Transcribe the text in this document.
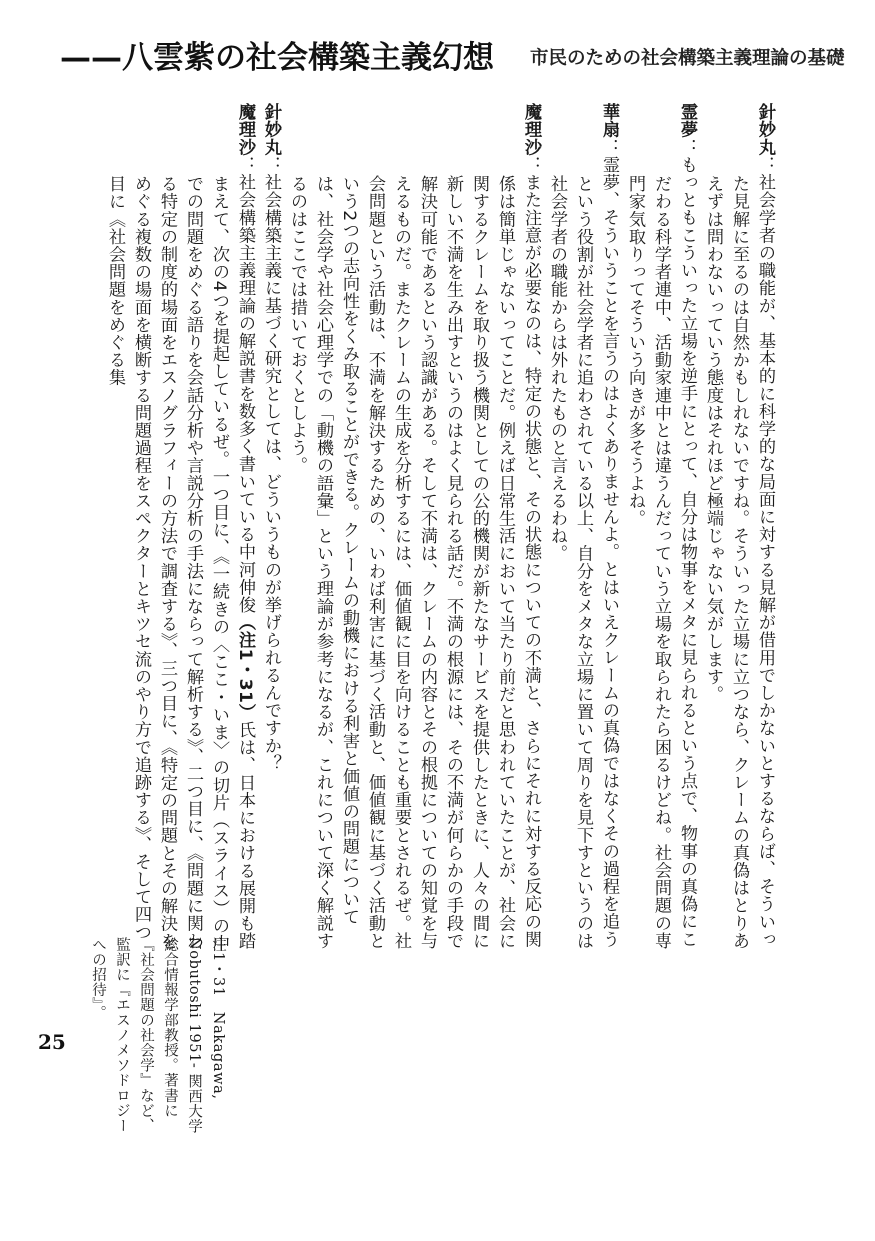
——八雲紫の社会構築主義幻想 市民のための社会構築主義理論の基礎

針妙丸：社会学者の職能が、基本的に科学的な局面に対する見解が借用でしかないとするならば、そういった見解に至るのは自然かもしれないですね。そういった立場に立つなら、クレームの真偽はとりあえずは問わないっていう態度はそれほど極端じゃない気がします。

霊夢：もっともこういった立場を逆手にとって、自分は物事をメタに見られるという点で、物事の真偽にこだわる科学者連中、活動家連中とは違うんだっていう立場を取られたら困るけどね。社会問題の専門家気取りってそういう向きが多そうよね。

華扇：霊夢、そういうことを言うのはよくありませんよ。とはいえクレームの真偽ではなくその過程を追うという役割が社会学者に追わされている以上、自分をメタな立場に置いて周りを見下すというのは社会学者の職能からは外れたものと言えるわね。

魔理沙：また注意が必要なのは、特定の状態と、その状態についての不満と、さらにそれに対する反応の関係は簡単じゃないってことだ。例えば日常生活において当たり前だと思われていたことが、社会に関するクレームを取り扱う機関としての公的機関が新たなサービスを提供したときに、人々の間に新しい不満を生み出すというのはよく見られる話だ。不満の根源には、その不満が何らかの手段で解決可能であるという認識がある。そして不満は、クレームの内容とその根拠についての知覚を与えるものだ。またクレームの生成を分析するには、価値観に目を向けることも重要とされるぜ。社会問題という活動は、不満を解決するための、いわば利害に基づく活動と、価値観に基づく活動という2つの志向性をくみ取ることができる。クレームの動機における利害と価値の問題については、社会学や社会心理学での「動機の語彙」という理論が参考になるが、これについて深く解説するのはここでは措いておくとしよう。

針妙丸：社会構築主義に基づく研究としては、どういうものが挙げられるんですか？

魔理沙：社会構築主義理論の解説書を数多く書いている中河伸俊（注1・31）氏は、日本における展開も踏まえて、次の4つを提起しているぜ。一つ目に、《一続きの〈ここ・いま〉の切片（スライス）の中での問題をめぐる語りを会話分析や言説分析の手法にならって解析する》、二つ目に、《問題に関わる特定の制度的場面をエスノグラフィーの方法で調査する》、三つ目に、《特定の問題とその解決をめぐる複数の場面を横断する問題過程をスペクターとキツセ流のやり方で追跡する》、そして四つ目に《社会問題をめぐる集

注1・31　Nakagawa, Nobutoshi 1951- 関西大学総合情報学部教授。著書に『社会問題の社会学』など、監訳に『エスノメソドロジーへの招待』。

25
